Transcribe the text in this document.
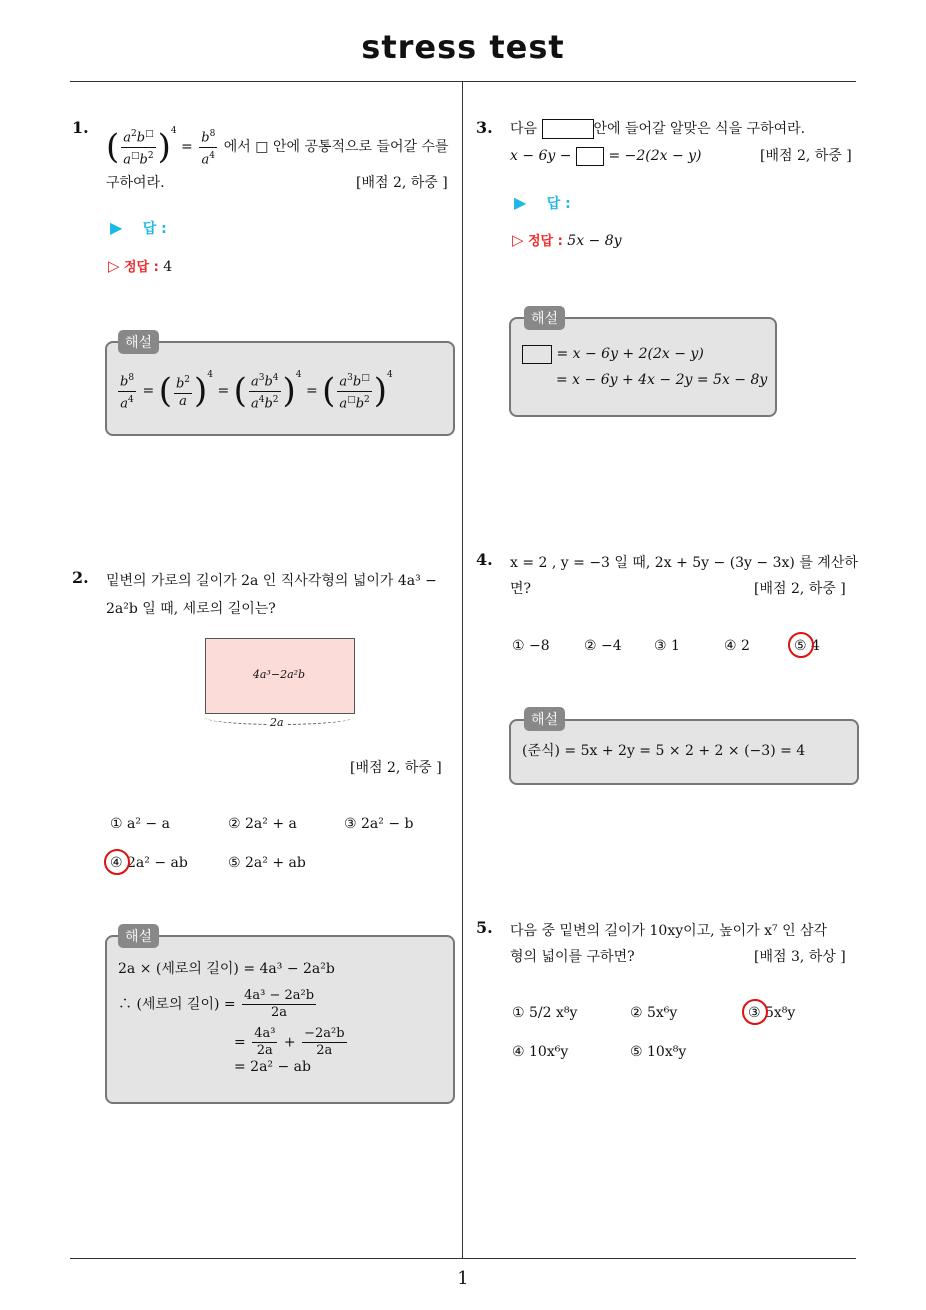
stress test
1
1. ( $\frac{a^2b^□}{a^□b^2} )^4 = \frac{b^8}{a^4}$ 에서 □ 안에 공통적으로 들어갈 수를
구하여라.	[배점 2, 하중 ]
▶ 답 :
▷ 정답 : 4
해설
$\frac{b^8}{a^4}$ = ( $\frac{b^2}{a} )^4$ = ( $\frac{a^3b^4}{a^4b^2} )^4$ = ( $\frac{a^3b^□}{a^□b^2} )^4$
2. 밑변의 가로의 길이가 2a 인 직사각형의 넓이가 4a³ −
2a²b 일 때, 세로의 길이는?
4a³−2a²b
2a
[배점 2, 하중 ]
① a² − a	② 2a² + a	③ 2a² − b
④ 2a² − ab	⑤ 2a² + ab
해설
2a × (세로의 길이) = 4a³ − 2a²b
∴ (세로의 길이) = $\frac{\text{4a³ − 2a²b}}{2a}$
= $\frac{\text{4a³}}{2a} + \frac{\text{−2a²b}}{2a}$
= 2a² − ab
3. 다음	안에 들어갈 알맞은 식을 구하여라.
x − 6y −	= −2(2x − y)	[배점 2, 하중 ]
▶ 답 :
▷ 정답 : 5x − 8y
해설
= x − 6y + 2(2x − y)
= x − 6y + 4x − 2y = 5x − 8y
4. x = 2 , y = −3 일 때, 2x + 5y − (3y − 3x) 를 계산하
면?	[배점 2, 하중 ]
① −8 ② −4 ③ 1	④ 2	⑤ 4
해설
(준식) = 5x + 2y = 5 × 2 + 2 × (−3) = 4
5. 다음 중 밑변의 길이가 10xy이고, 높이가 x⁷ 인 삼각
형의 넓이를 구하면?	[배점 3, 하상 ]
① 5/2 x⁸y	② 5x⁶y	③ 5x⁸y
④ 10x⁶y	⑤ 10x⁸y
